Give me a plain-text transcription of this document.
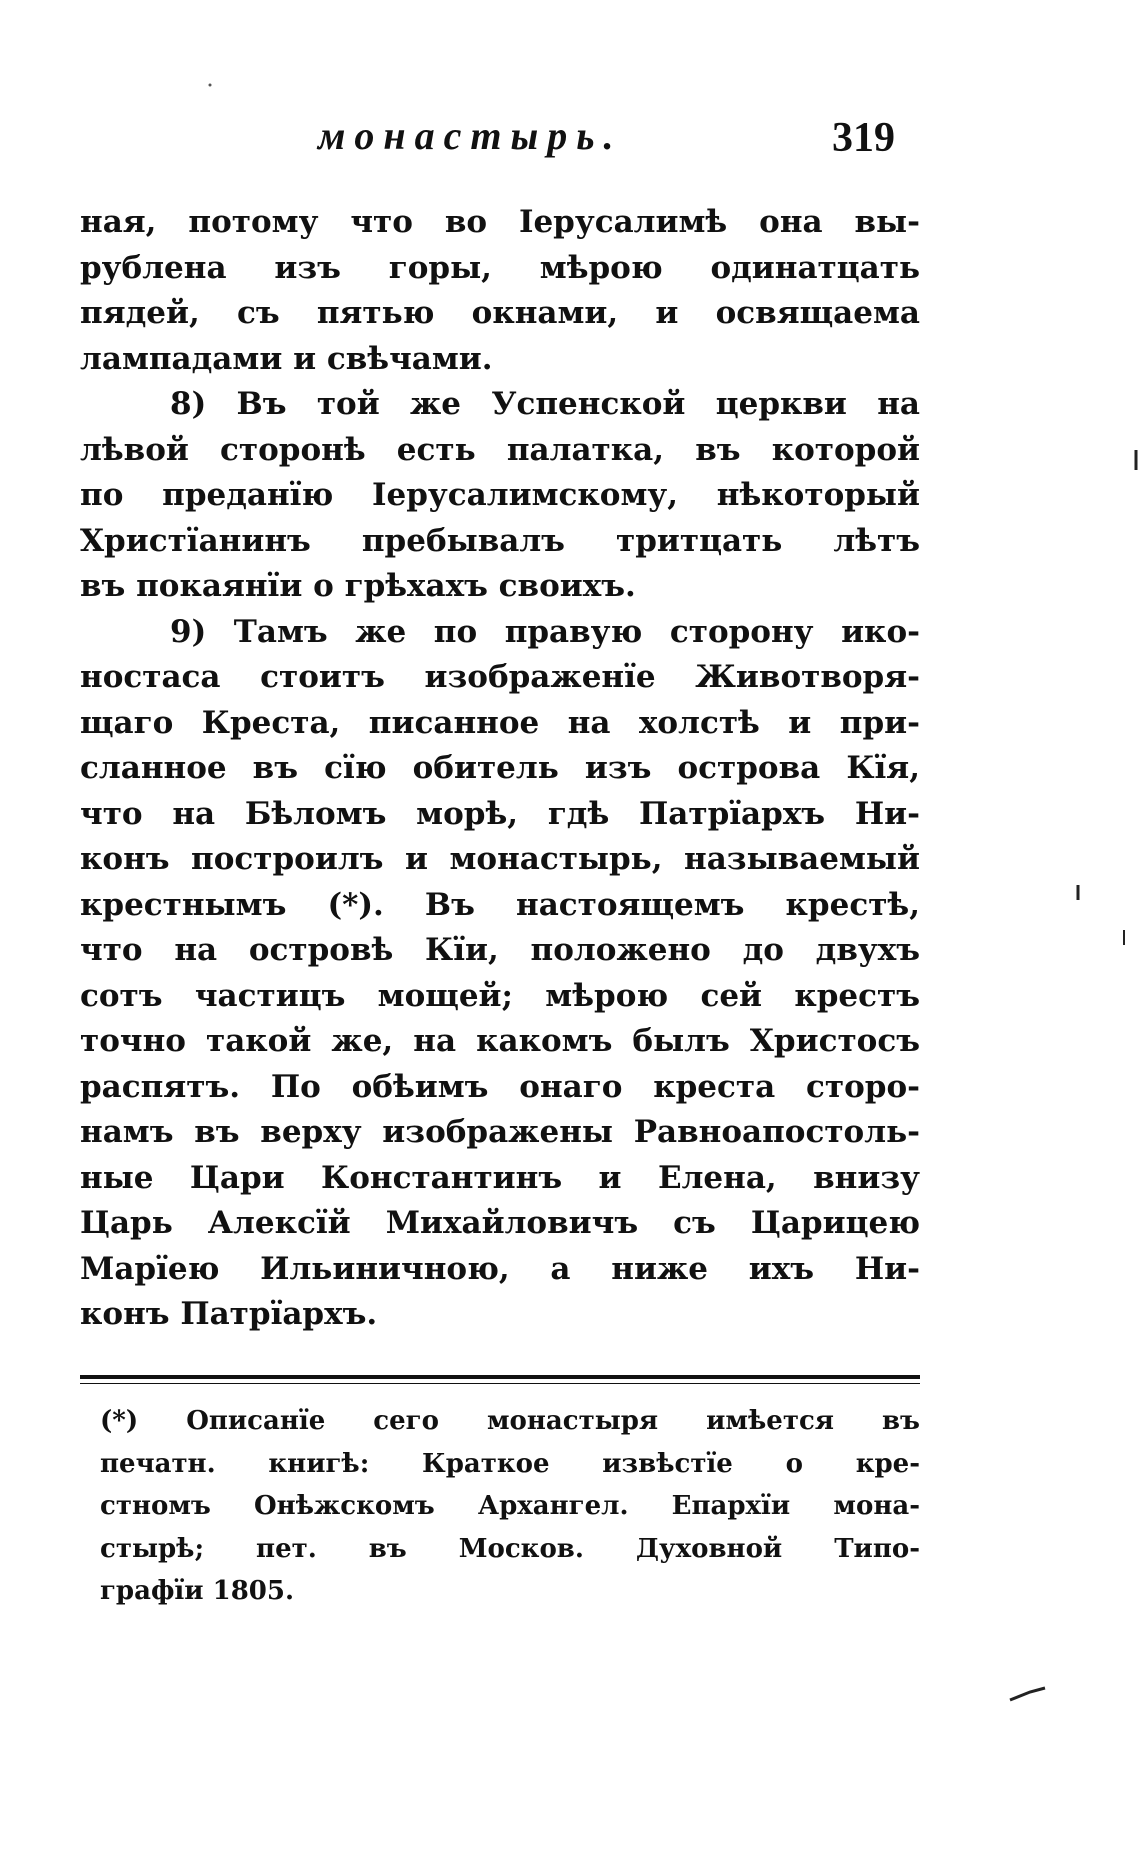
монастырь.	319
ная, потому что во Iерусалимѣ она вы-
рублена изъ горы, мѣрою одинатцать
пядей, съ пятью окнами, и освящаема
лампадами и свѣчами.
8) Въ той же Успенской церкви на
лѣвой сторонѣ есть палатка, въ которой
по преданїю Iерусалимскому, нѣкоторый
Христїанинъ пребывалъ тритцать лѣтъ
въ покаянїи о грѣхахъ своихъ.
9) Тамъ же по правую сторону ико-
ностаса стоитъ изображенїе Животворя-
щаго Креста, писанное на холстѣ и при-
сланное въ сїю обитель изъ острова Кїя,
что на Бѣломъ морѣ, гдѣ Патрїархъ Ни-
конъ построилъ и монастырь, называемый
крестнымъ (*). Въ настоящемъ крестѣ,
что на островѣ Кїи, положено до двухъ
сотъ частицъ мощей; мѣрою сей крестъ
точно такой же, на какомъ былъ Христосъ
распятъ. По обѣимъ онаго креста сторо-
намъ въ верху изображены Равноапостоль-
ные Цари Константинъ и Елена, внизу
Царь Алексїй Михайловичъ съ Царицею
Марїею Ильиничною, а ниже ихъ Ни-
конъ Патрїархъ.
(*) Описанїе сего монастыря имѣется въ
печатн. книгѣ: Краткое извѣстїе о кре-
стномъ Онѣжскомъ Архангел. Епархїи мона-
стырѣ; пет. въ Москов. Духовной Типо-
графїи 1805.
